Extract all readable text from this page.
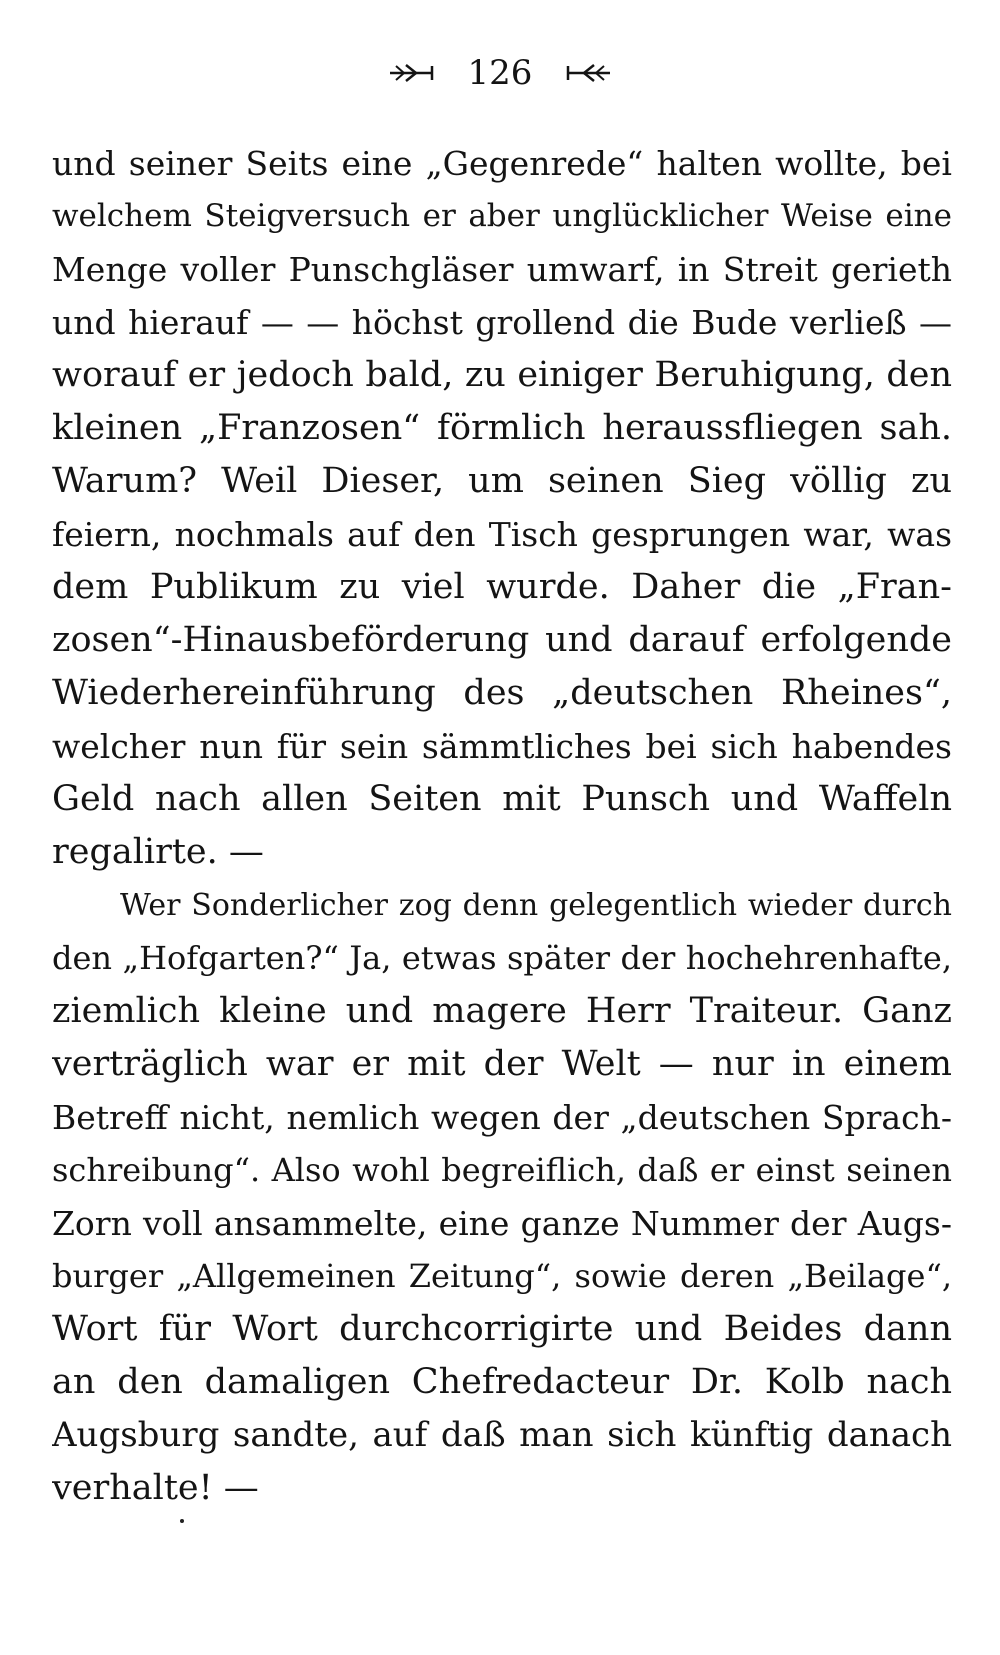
126
und seiner Seits eine „Gegenrede“ halten wollte, bei
welchem Steigversuch er aber unglücklicher Weise eine
Menge voller Punschgläser umwarf, in Streit gerieth
und hierauf — — höchst grollend die Bude verließ —
worauf er jedoch bald, zu einiger Beruhigung, den
kleinen „Franzosen“ förmlich heraussfliegen sah.
Warum? Weil Dieser, um seinen Sieg völlig zu
feiern, nochmals auf den Tisch gesprungen war, was
dem Publikum zu viel wurde. Daher die „Fran-
zosen“-Hinausbeförderung und darauf erfolgende
Wiederhereinführung des „deutschen Rheines“,
welcher nun für sein sämmtliches bei sich habendes
Geld nach allen Seiten mit Punsch und Waffeln
regalirte. —
Wer Sonderlicher zog denn gelegentlich wieder durch
den „Hofgarten?“ Ja, etwas später der hochehrenhafte,
ziemlich kleine und magere Herr Traiteur. Ganz
verträglich war er mit der Welt — nur in einem
Betreff nicht, nemlich wegen der „deutschen Sprach-
schreibung“. Also wohl begreiflich, daß er einst seinen
Zorn voll ansammelte, eine ganze Nummer der Augs-
burger „Allgemeinen Zeitung“, sowie deren „Beilage“,
Wort für Wort durchcorrigirte und Beides dann
an den damaligen Chefredacteur Dr. Kolb nach
Augsburg sandte, auf daß man sich künftig danach
verhalte! —
